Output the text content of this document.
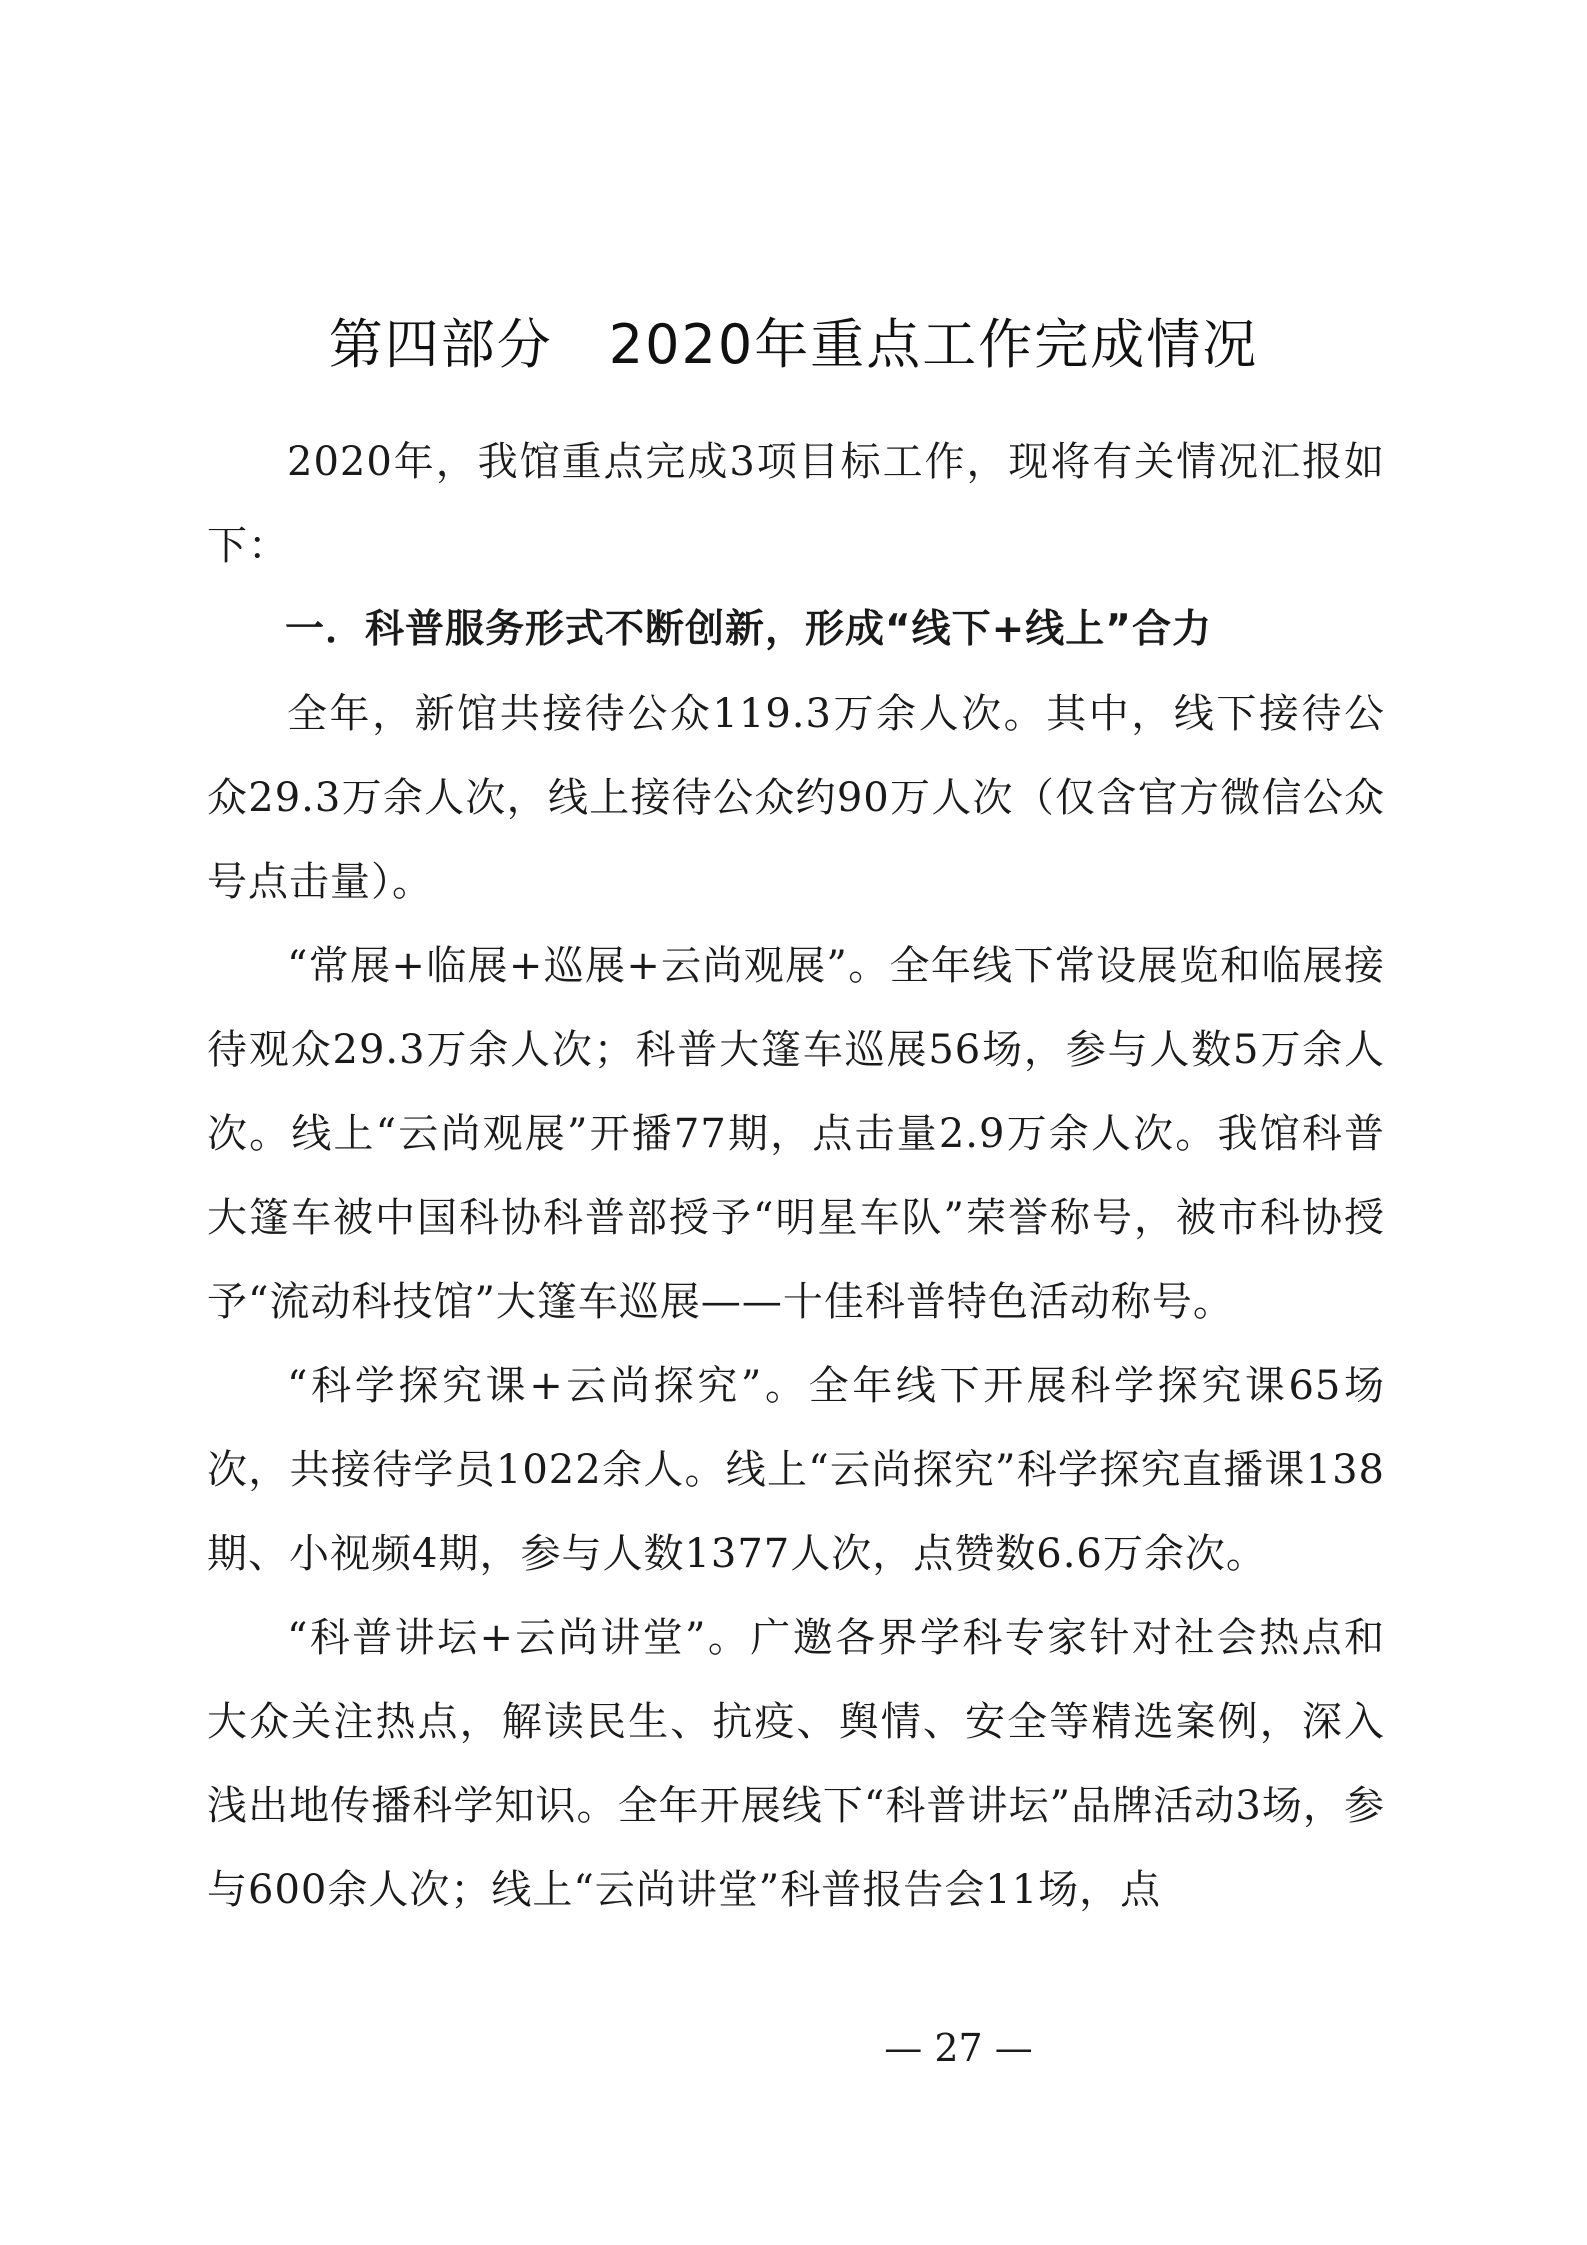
第四部分　2020年重点工作完成情况

2020年，我馆重点完成3项目标工作，现将有关情况汇报如下：

一．科普服务形式不断创新，形成“线下+线上”合力

全年，新馆共接待公众119.3万余人次。其中，线下接待公众29.3万余人次，线上接待公众约90万人次（仅含官方微信公众号点击量）。

“常展+临展+巡展+云尚观展”。全年线下常设展览和临展接待观众29.3万余人次；科普大篷车巡展56场，参与人数5万余人次。线上“云尚观展”开播77期，点击量2.9万余人次。我馆科普大篷车被中国科协科普部授予“明星车队”荣誉称号，被市科协授予“流动科技馆”大篷车巡展——十佳科普特色活动称号。

“科学探究课+云尚探究”。全年线下开展科学探究课65场次，共接待学员1022余人。线上“云尚探究”科学探究直播课138期、小视频4期，参与人数1377人次，点赞数6.6万余次。

“科普讲坛+云尚讲堂”。广邀各界学科专家针对社会热点和大众关注热点，解读民生、抗疫、舆情、安全等精选案例，深入浅出地传播科学知识。全年开展线下“科普讲坛”品牌活动3场，参与600余人次；线上“云尚讲堂”科普报告会11场，点

— 27 —
